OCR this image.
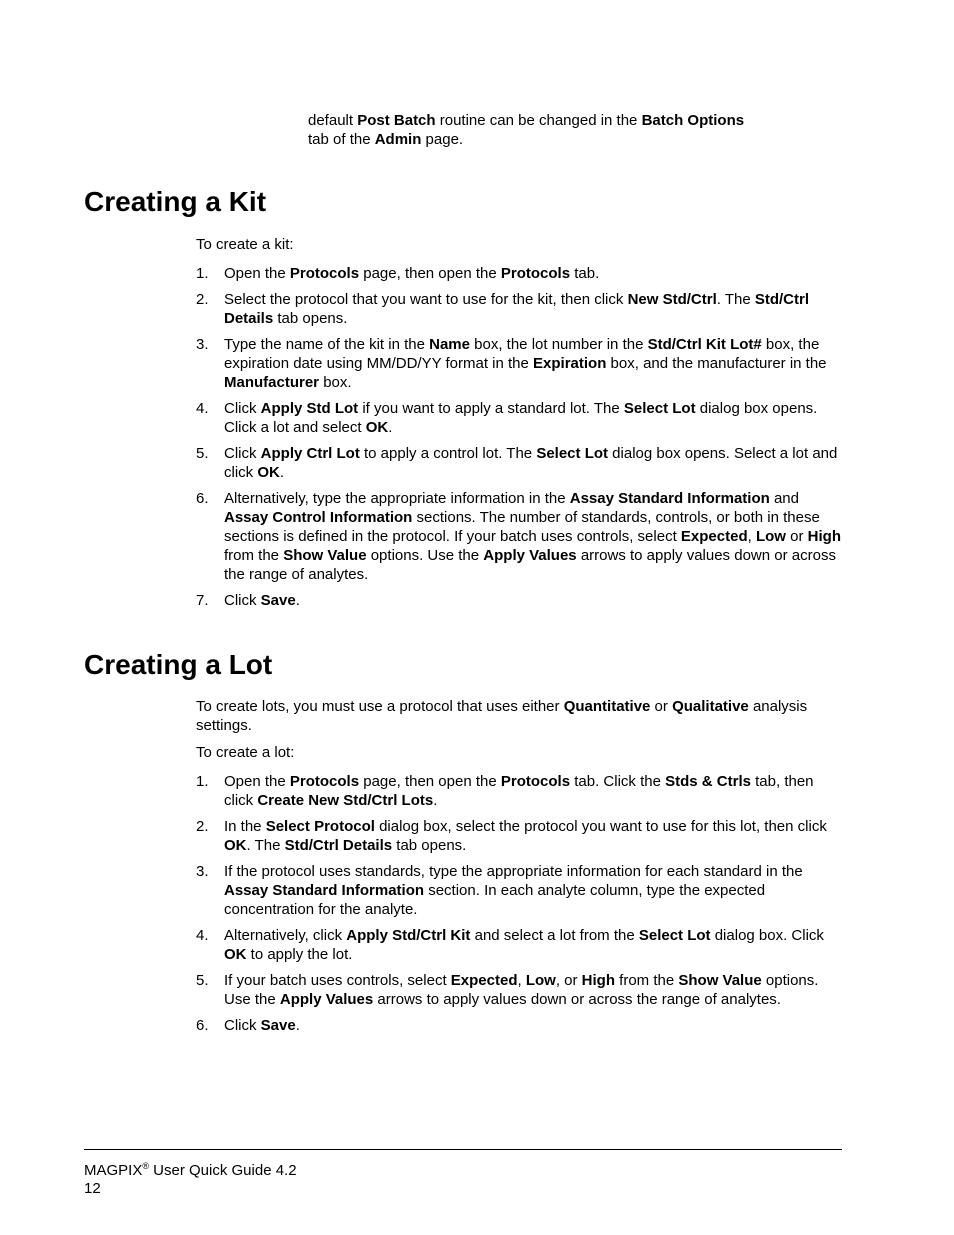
default Post Batch routine can be changed in the Batch Options
tab of the Admin page.

Creating a Kit

To create a kit:

1. Open the Protocols page, then open the Protocols tab.
2. Select the protocol that you want to use for the kit, then click New Std/Ctrl. The Std/Ctrl Details tab opens.
3. Type the name of the kit in the Name box, the lot number in the Std/Ctrl Kit Lot# box, the expiration date using MM/DD/YY format in the Expiration box, and the manufacturer in the Manufacturer box.
4. Click Apply Std Lot if you want to apply a standard lot. The Select Lot dialog box opens. Click a lot and select OK.
5. Click Apply Ctrl Lot to apply a control lot. The Select Lot dialog box opens. Select a lot and click OK.
6. Alternatively, type the appropriate information in the Assay Standard Information and Assay Control Information sections. The number of standards, controls, or both in these sections is defined in the protocol. If your batch uses controls, select Expected, Low or High from the Show Value options. Use the Apply Values arrows to apply values down or across the range of analytes.
7. Click Save.
Creating a Lot

To create lots, you must use a protocol that uses either Quantitative or Qualitative analysis settings.

To create a lot:

1. Open the Protocols page, then open the Protocols tab. Click the Stds & Ctrls tab, then click Create New Std/Ctrl Lots.
2. In the Select Protocol dialog box, select the protocol you want to use for this lot, then click OK. The Std/Ctrl Details tab opens.
3. If the protocol uses standards, type the appropriate information for each standard in the Assay Standard Information section. In each analyte column, type the expected concentration for the analyte.
4. Alternatively, click Apply Std/Ctrl Kit and select a lot from the Select Lot dialog box. Click OK to apply the lot.
5. If your batch uses controls, select Expected, Low, or High from the Show Value options. Use the Apply Values arrows to apply values down or across the range of analytes.
6. Click Save.
MAGPIX® User Quick Guide 4.2
12
